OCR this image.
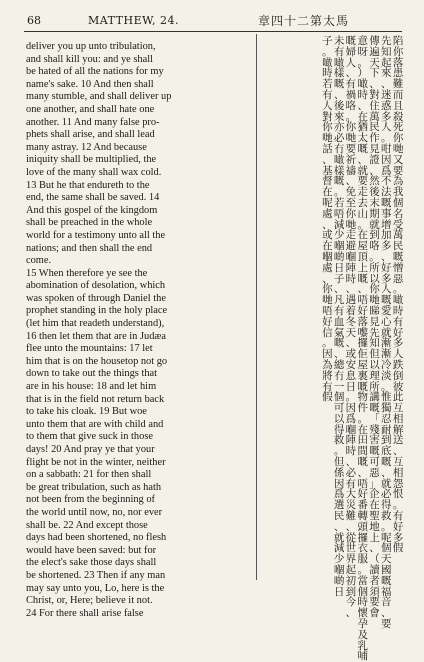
68	MATTHEW, 24.	章四十二第太馬
deliver you up unto tribulation,
and shall kill you: and ye shall
be hated of all the nations for my
name's sake. 10 And then shall
many stumble, and shall deliver up
one another, and shall hate one
another. 11 And many false pro-
phets shall arise, and shall lead
many astray. 12 And because
iniquity shall be multiplied, the
love of the many shall wax cold.
13 But he that endureth to the
end, the same shall be saved. 14
And this gospel of the kingdom
shall be preached in the whole
world for a testimony unto all the
nations; and then shall the end
come.
15 When therefore ye see the
abomination of desolation, which
was spoken of through Daniel the
prophet standing in the holy place
(let him that readeth understand),
16 then let them that are in Judæa
flee unto the mountains: 17 let
him that is on the housetop not go
down to take out the things that
are in his house: 18 and let him
that is in the field not return back
to take his cloak. 19 But woe
unto them that are with child and
to them that give suck in those
days! 20 And pray ye that your
flight be not in the winter, neither
on a sabbath: 21 for then shall
be great tribulation, such as hath
not been from the beginning of
the world until now, no, nor ever
shall be. 22 And except those
days had been shortened, no flesh
would have been saved: but for
the elect's sake those days shall
be shortened. 23 Then if any man
may say unto you, Lo, here is the
Christ, or, Here; believe it not.
24 For there shall arise false
陷
你
落
患
難
而
且
殺
死
你
哋
又
要
為
我
個
名
受
萬
民
嘅
憎
惡
。
噉
時
有
好
多
人
跌
倒
彼
此
互
相
解
送
、
互
相
怨
恨
。
有
好
多
假
先
知
起
來
、
迷
惑
多
人
。
咁
因
爲
不
法
嘅
事
增
加
多
、
好
多
人
嘅
愛
心
就
漸
漸
冷
淡
。
惟
獨
忍
耐
到
底
嘅
、
就
必
得
救
。
呢
個
天
國
嘅
福
音
、
要
傳
遍
天
下
、
對
住
萬
民
作
見
證
、
然
後
末
期
就
到
咯
。
所
以
你
哋
睇
見
先
知
但
以
理
所
講
嘅
「
殘
害
嘅
可
惡
」
企
在
聖
地
上
、
（
讀
者
須
要
會
意
呀
。
）
噉
時
、
在
猶
太
嘅
、
就
要
走
去
山
。
在
屋
頂
上
嘅
、
唔
好
落
嚟
攞
佢
屋
裏
嘅
物
件
。
在
田
間
嘅
、
唔
好
番
轉
頭
攞
衣
服
。
當
個
時
懷
孕
及
乳
哺
嘅
婦
人
、
有
禍
咯
。
你
哋
要
祈
禱
、
免
至
你
哋
走
避
嗰
陣
時
、
遇
着
冬
天
、
或
安
息
日
。
因
爲
嗰
陣
時
、
必
有
大
災
難
、
從
世
界
起
初
到
今
、
未
有
噉
樣
嘅
、
後
來
亦
必
冇
噉
樣
嘅
。
若
唔
減
少
嗰
啲
日
子
、
凡
有
血
氣
嘅
、
總
冇
一
個
可
以
得
救
。
但
係
因
爲
選
民
、
就
減
少
嗰
啲
日
子
。
噉
時
若
有
人
對
你
哋
話
、
基
督
在
呢
處
、
或
在
嗰
處
、
你
哋
唔
好
信
。
因
為
將
有
假
